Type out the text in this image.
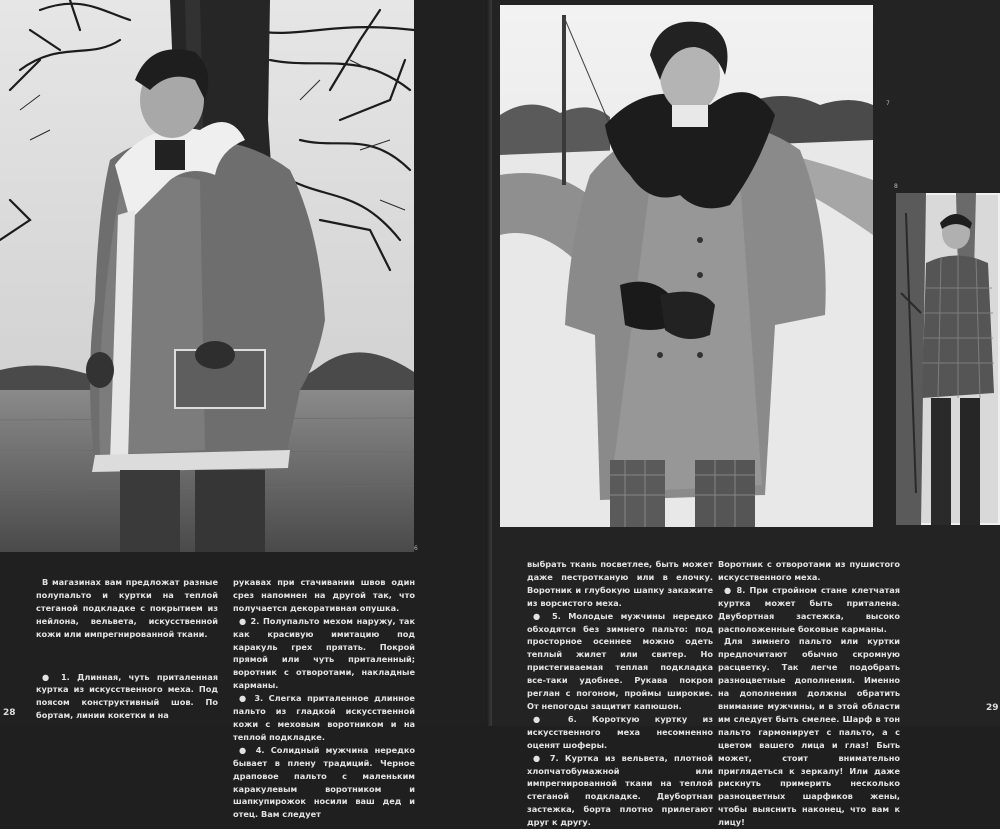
6

В магазинах вам предложат разные полупальто и куртки на теплой стеганой подкладке с покрытием из нейлона, вельвета, искусственной кожи или импрегнированной ткани.

● 1. Длинная, чуть приталенная куртка из искусственного меха. Под поясом конструктивный шов. По бортам, линии кокетки и на

рукавах при стачивании швов один срез напомнен на другой так, что получается декоративная опушка.

● 2. Полупальто мехом наружу, так как красивую имитацию под каракуль грех прятать. Покрой прямой или чуть приталенный; воротник с отворотами, накладные карманы.

● 3. Слегка приталенное длинное пальто из гладкой искусственной кожи с меховым воротником и на теплой подкладке.

● 4. Солидный мужчина нередко бывает в плену традиций. Черное драповое пальто с маленьким каракулевым воротником и шапкупирожок носили ваш дед и отец. Вам следует

28
7
8

выбрать ткань посветлее, быть может даже пестротканую или в елочку. Воротник и глубокую шапку закажите из ворсистого меха.

● 5. Молодые мужчины нередко обходятся без зимнего пальто: под просторное осеннее можно одеть теплый жилет или свитер. Но пристегиваемая теплая подкладка все-таки удобнее. Рукава покроя реглан с погоном, проймы широкие. От непогоды защитит капюшон.

● 6. Короткую куртку из искусственного меха несомненно оценят шоферы.

● 7. Куртка из вельвета, плотной хлопчатобумажной или импрегнированной ткани на теплой стеганой подкладке. Двубортная застежка, борта плотно прилегают друг к другу.

Воротник с отворотами из пушистого искусственного меха.

● 8. При стройном стане клетчатая куртка может быть приталена. Двубортная застежка, высоко расположенные боковые карманы.

Для зимнего пальто или куртки предпочитают обычно скромную расцветку. Так легче подобрать разноцветные дополнения. Именно на дополнения должны обратить внимание мужчины, и в этой области им следует быть смелее. Шарф в тон пальто гармонирует с пальто, а с цветом вашего лица и глаз! Быть может, стоит внимательно приглядеться к зеркалу! Или даже рискнуть примерить несколько разноцветных шарфиков жены, чтобы выяснить наконец, что вам к лицу!

29
